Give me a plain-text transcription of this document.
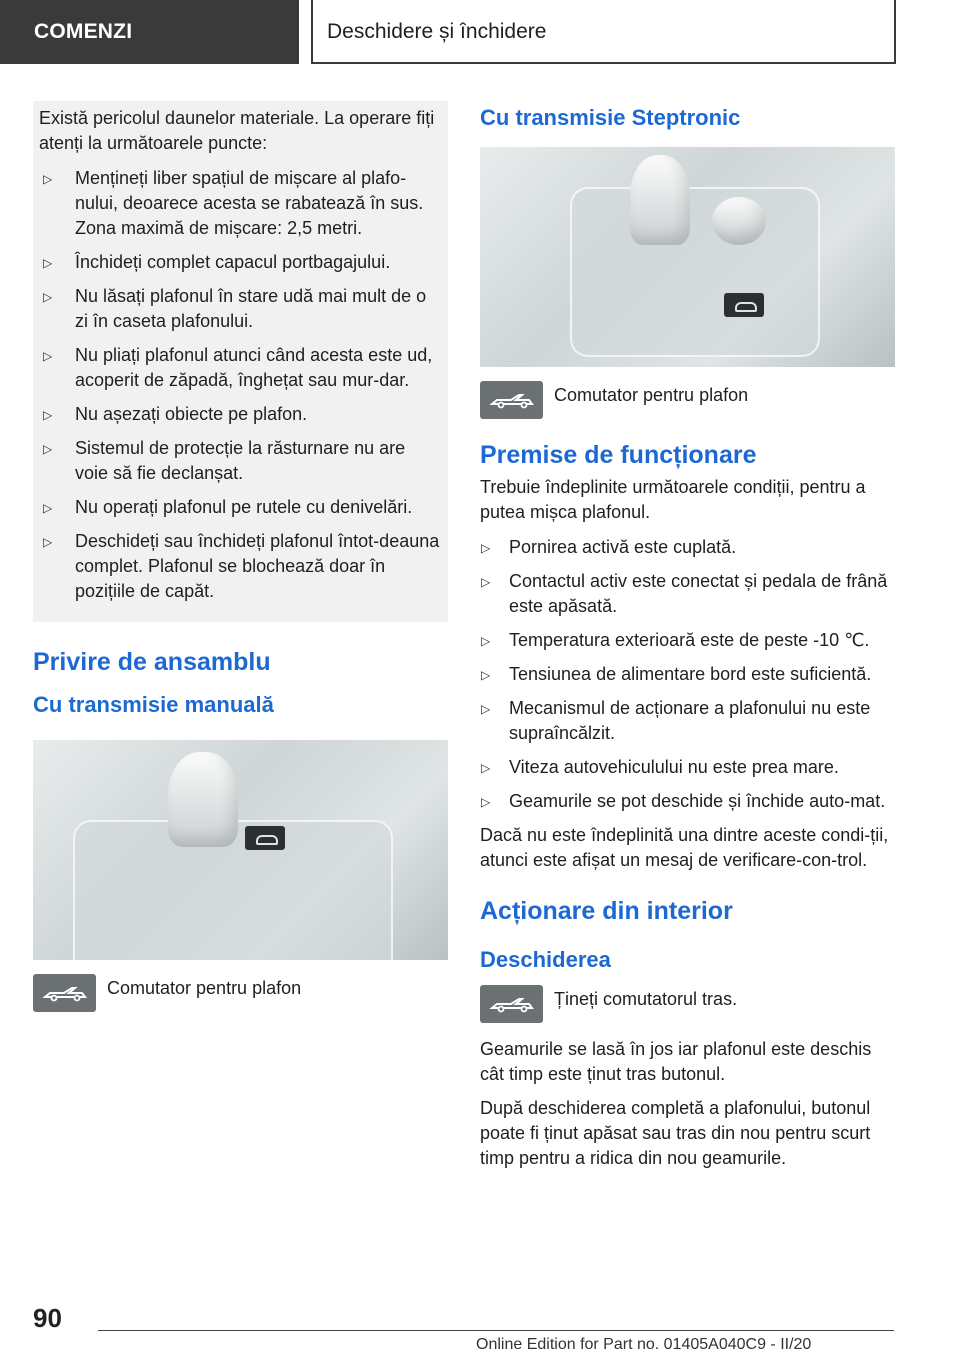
COMENZI	Deschidere și închidere

Există pericolul daunelor materiale. La operare fiți atenți la următoarele puncte:

▷ Mențineți liber spațiul de mișcare al plafo‐nului, deoarece acesta se rabatează în sus. Zona maximă de mișcare: 2,5 metri.
▷ Închideți complet capacul portbagajului.
▷ Nu lăsați plafonul în stare udă mai mult de o zi în caseta plafonului.
▷ Nu pliați plafonul atunci când acesta este ud, acoperit de zăpadă, înghețat sau mur‐dar.
▷ Nu așezați obiecte pe plafon.
▷ Sistemul de protecție la răsturnare nu are voie să fie declanșat.
▷ Nu operați plafonul pe rutele cu denivelări.
▷ Deschideți sau închideți plafonul întot‐deauna complet. Plafonul se blochează doar în pozițiile de capăt.
Privire de ansamblu
Cu transmisie manuală
Comutator pentru plafon
Cu transmisie Steptronic
Comutator pentru plafon
Premise de funcționare

Trebuie îndeplinite următoarele condiții, pentru a putea mișca plafonul.

▷ Pornirea activă este cuplată.
▷ Contactul activ este conectat și pedala de frână este apăsată.
▷ Temperatura exterioară este de peste -10 ℃.
▷ Tensiunea de alimentare bord este suficientă.
▷ Mecanismul de acționare a plafonului nu este supraîncălzit.
▷ Viteza autovehiculului nu este prea mare.
▷ Geamurile se pot deschide și închide auto‐mat.

Dacă nu este îndeplinită una dintre aceste condi‐ții, atunci este afișat un mesaj de verificare-con‐trol.

Acționare din interior
Deschiderea
Țineți comutatorul tras.

Geamurile se lasă în jos iar plafonul este deschis cât timp este ținut tras butonul.

După deschiderea completă a plafonului, butonul poate fi ținut apăsat sau tras din nou pentru scurt timp pentru a ridica din nou geamurile.

90
Online Edition for Part no. 01405A040C9 - II/20
